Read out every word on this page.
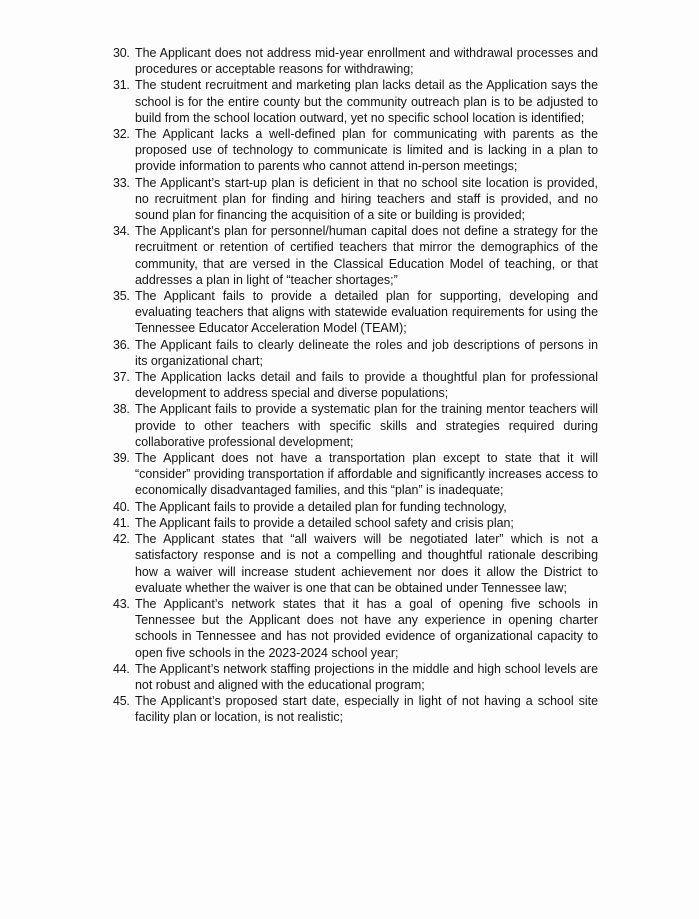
30. The Applicant does not address mid-year enrollment and withdrawal processes and procedures or acceptable reasons for withdrawing;
31. The student recruitment and marketing plan lacks detail as the Application says the school is for the entire county but the community outreach plan is to be adjusted to build from the school location outward, yet no specific school location is identified;
32. The Applicant lacks a well-defined plan for communicating with parents as the proposed use of technology to communicate is limited and is lacking in a plan to provide information to parents who cannot attend in-person meetings;
33. The Applicant’s start-up plan is deficient in that no school site location is provided, no recruitment plan for finding and hiring teachers and staff is provided, and no sound plan for financing the acquisition of a site or building is provided;
34. The Applicant’s plan for personnel/human capital does not define a strategy for the recruitment or retention of certified teachers that mirror the demographics of the community, that are versed in the Classical Education Model of teaching, or that addresses a plan in light of “teacher shortages;”
35. The Applicant fails to provide a detailed plan for supporting, developing and evaluating teachers that aligns with statewide evaluation requirements for using the Tennessee Educator Acceleration Model (TEAM);
36. The Applicant fails to clearly delineate the roles and job descriptions of persons in its organizational chart;
37. The Application lacks detail and fails to provide a thoughtful plan for professional development to address special and diverse populations;
38. The Applicant fails to provide a systematic plan for the training mentor teachers will provide to other teachers with specific skills and strategies required during collaborative professional development;
39. The Applicant does not have a transportation plan except to state that it will “consider” providing transportation if affordable and significantly increases access to economically disadvantaged families, and this “plan” is inadequate;
40. The Applicant fails to provide a detailed plan for funding technology,
41. The Applicant fails to provide a detailed school safety and crisis plan;
42. The Applicant states that “all waivers will be negotiated later” which is not a satisfactory response and is not a compelling and thoughtful rationale describing how a waiver will increase student achievement nor does it allow the District to evaluate whether the waiver is one that can be obtained under Tennessee law;
43. The Applicant’s network states that it has a goal of opening five schools in Tennessee but the Applicant does not have any experience in opening charter schools in Tennessee and has not provided evidence of organizational capacity to open five schools in the 2023-2024 school year;
44. The Applicant’s network staffing projections in the middle and high school levels are not robust and aligned with the educational program;
45. The Applicant’s proposed start date, especially in light of not having a school site facility plan or location, is not realistic;
